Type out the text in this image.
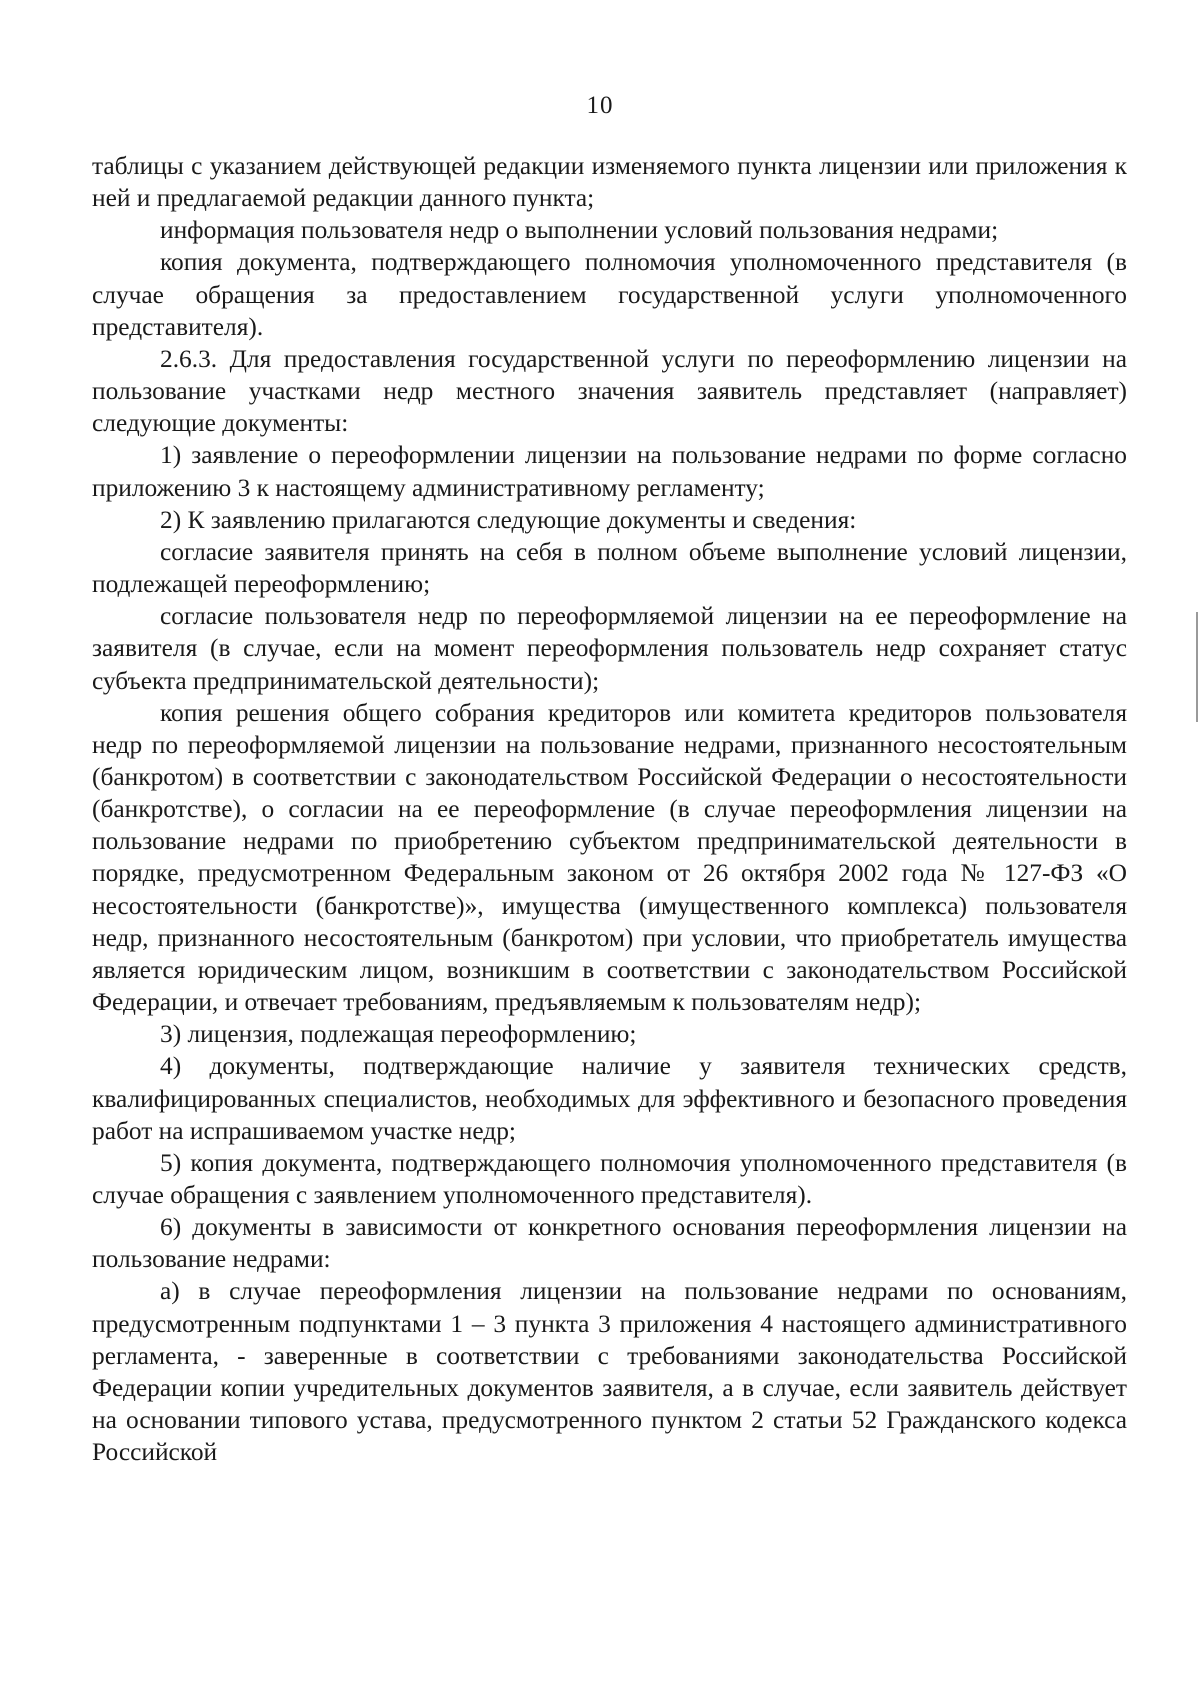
10

таблицы с указанием действующей редакции изменяемого пункта лицензии или приложения к ней и предлагаемой редакции данного пункта;

информация пользователя недр о выполнении условий пользования недрами;

копия документа, подтверждающего полномочия уполномоченного представителя (в случае обращения за предоставлением государственной услуги уполномоченного представителя).

2.6.3. Для предоставления государственной услуги по переоформлению лицензии на пользование участками недр местного значения заявитель представляет (направляет) следующие документы:

1) заявление о переоформлении лицензии на пользование недрами по форме согласно приложению 3 к настоящему административному регламенту;

2) К заявлению прилагаются следующие документы и сведения:

согласие заявителя принять на себя в полном объеме выполнение условий лицензии, подлежащей переоформлению;

согласие пользователя недр по переоформляемой лицензии на ее переоформление на заявителя (в случае, если на момент переоформления пользователь недр сохраняет статус субъекта предпринимательской деятельности);

копия решения общего собрания кредиторов или комитета кредиторов пользователя недр по переоформляемой лицензии на пользование недрами, признанного несостоятельным (банкротом) в соответствии с законодательством Российской Федерации о несостоятельности (банкротстве), о согласии на ее переоформление (в случае переоформления лицензии на пользование недрами по приобретению субъектом предпринимательской деятельности в порядке, предусмотренном Федеральным законом от 26 октября 2002 года № 127-ФЗ «О несостоятельности (банкротстве)», имущества (имущественного комплекса) пользователя недр, признанного несостоятельным (банкротом) при условии, что приобретатель имущества является юридическим лицом, возникшим в соответствии с законодательством Российской Федерации, и отвечает требованиям, предъявляемым к пользователям недр);

3) лицензия, подлежащая переоформлению;

4) документы, подтверждающие наличие у заявителя технических средств, квалифицированных специалистов, необходимых для эффективного и безопасного проведения работ на испрашиваемом участке недр;

5) копия документа, подтверждающего полномочия уполномоченного представителя (в случае обращения с заявлением уполномоченного представителя).

6) документы в зависимости от конкретного основания переоформления лицензии на пользование недрами:

а) в случае переоформления лицензии на пользование недрами по основаниям, предусмотренным подпунктами 1 – 3 пункта 3 приложения 4 настоящего административного регламента, - заверенные в соответствии с требованиями законодательства Российской Федерации копии учредительных документов заявителя, а в случае, если заявитель действует на основании типового устава, предусмотренного пунктом 2 статьи 52 Гражданского кодекса Российской
